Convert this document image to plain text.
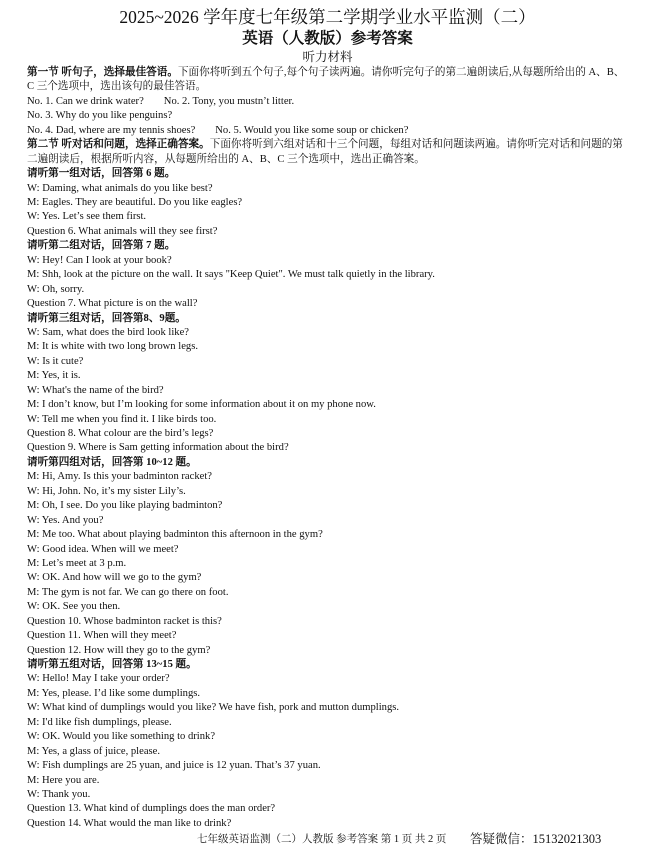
2025~2026 学年度七年级第二学期学业水平监测（二）
英语（人教版）参考答案
听力材料
第一节 听句子，选择最佳答语。下面你将听到五个句子,每个句子读两遍。请你听完句子的第二遍朗读后,从每题所给出的 A、B、C 三个选项中，选出该句的最佳答语。
No. 1. Can we drink water? No. 2. Tony, you mustn’t litter.
No. 3. Why do you like penguins?
No. 4. Dad, where are my tennis shoes? No. 5. Would you like some soup or chicken?
第二节 听对话和问题，选择正确答案。下面你将听到六组对话和十三个问题，每组对话和问题读两遍。请你听完对话和问题的第二遍朗读后，根据所听内容，从每题所给出的 A、B、C 三个选项中，选出正确答案。
请听第一组对话，回答第 6 题。
W: Daming, what animals do you like best?
M: Eagles. They are beautiful. Do you like eagles?
W: Yes. Let’s see them first.
Question 6. What animals will they see first?
请听第二组对话，回答第 7 题。
W: Hey! Can I look at your book?
M: Shh, look at the picture on the wall. It says "Keep Quiet". We must talk quietly in the library.
W: Oh, sorry.
Question 7. What picture is on the wall?
请听第三组对话，回答第8、9题。
W: Sam, what does the bird look like?
M: It is white with two long brown legs.
W: Is it cute?
M: Yes, it is.
W: What's the name of the bird?
M: I don’t know, but I’m looking for some information about it on my phone now.
W: Tell me when you find it. I like birds too.
Question 8. What colour are the bird’s legs?
Question 9. Where is Sam getting information about the bird?
请听第四组对话，回答第 10~12 题。
M: Hi, Amy. Is this your badminton racket?
W: Hi, John. No, it’s my sister Lily’s.
M: Oh, I see. Do you like playing badminton?
W: Yes. And you?
M: Me too. What about playing badminton this afternoon in the gym?
W: Good idea. When will we meet?
M: Let’s meet at 3 p.m.
W: OK. And how will we go to the gym?
M: The gym is not far. We can go there on foot.
W: OK. See you then.
Question 10. Whose badminton racket is this?
Question 11. When will they meet?
Question 12. How will they go to the gym?
请听第五组对话，回答第 13~15 题。
W: Hello! May I take your order?
M: Yes, please. I’d like some dumplings.
W: What kind of dumplings would you like? We have fish, pork and mutton dumplings.
M: I'd like fish dumplings, please.
W: OK. Would you like something to drink?
M: Yes, a glass of juice, please.
W: Fish dumplings are 25 yuan, and juice is 12 yuan. That’s 37 yuan.
M: Here you are.
W: Thank you.
Question 13. What kind of dumplings does the man order?
Question 14. What would the man like to drink?
七年级英语监测（二）人教版 参考答案 第 1 页 共 2 页 答疑微信：15132021303
